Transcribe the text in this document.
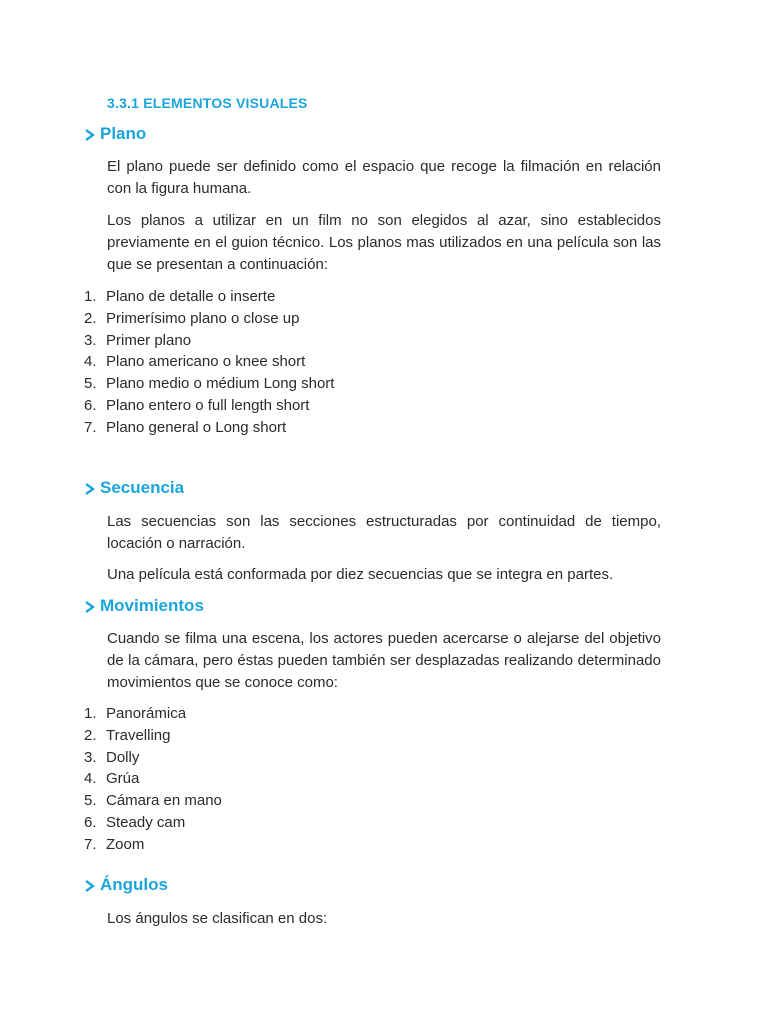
3.3.1 ELEMENTOS VISUALES
Plano

El plano puede ser definido como el espacio que recoge la filmación en relación con la figura humana.

Los planos a utilizar en un film no son elegidos al azar, sino establecidos previamente en el guion técnico. Los planos mas utilizados en una película son las que se presentan a continuación:

1. Plano de detalle o inserte
2. Primerísimo plano o close up
3. Primer plano
4. Plano americano o knee short
5. Plano medio o médium Long short
6. Plano entero o full length short
7. Plano general o Long short
Secuencia

Las secuencias son las secciones estructuradas por continuidad de tiempo, locación o narración.

Una película está conformada por diez secuencias que se integra en partes.

Movimientos

Cuando se filma una escena, los actores pueden acercarse o alejarse del objetivo de la cámara, pero éstas pueden también ser desplazadas realizando determinado movimientos que se conoce como:

1. Panorámica
2. Travelling
3. Dolly
4. Grúa
5. Cámara en mano
6. Steady cam
7. Zoom
Ángulos

Los ángulos se clasifican en dos:
